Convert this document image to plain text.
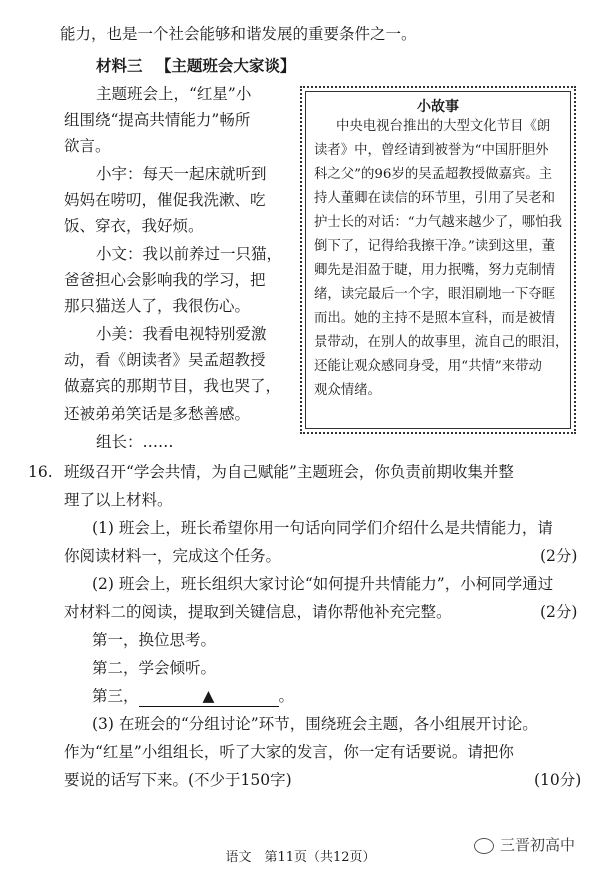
能力，也是一个社会能够和谐发展的重要条件之一。
材料三 【主题班会大家谈】
主题班会上，“红星”小
组围绕“提高共情能力”畅所
欲言。
小宇：每天一起床就听到
妈妈在唠叨，催促我洗漱、吃
饭、穿衣，我好烦。
小文：我以前养过一只猫，
爸爸担心会影响我的学习，把
那只猫送人了，我很伤心。
小美：我看电视特别爱激
动，看《朗读者》吴孟超教授
做嘉宾的那期节目，我也哭了，
还被弟弟笑话是多愁善感。
组长：……
小故事
中央电视台推出的大型文化节目《朗
读者》中，曾经请到被誉为“中国肝胆外
科之父”的96岁的吴孟超教授做嘉宾。主
持人董卿在读信的环节里，引用了吴老和
护士长的对话：“力气越来越少了，哪怕我
倒下了，记得给我擦干净。”读到这里，董
卿先是泪盈于睫，用力抿嘴，努力克制情
绪，读完最后一个字，眼泪刷地一下夺眶
而出。她的主持不是照本宣科，而是被情
景带动，在别人的故事里，流自己的眼泪，
还能让观众感同身受，用“共情”来带动
观众情绪。
16. 班级召开“学会共情，为自己赋能”主题班会，你负责前期收集并整
理了以上材料。
(1) 班会上，班长希望你用一句话向同学们介绍什么是共情能力，请
你阅读材料一，完成这个任务。	(2分)
(2) 班会上，班长组织大家讨论“如何提升共情能力”，小柯同学通过
对材料二的阅读，提取到关键信息，请你帮他补充完整。	(2分)
第一，换位思考。
第二，学会倾听。
第三，	▲	。
(3) 在班会的“分组讨论”环节，围绕班会主题，各小组展开讨论。
作为“红星”小组组长，听了大家的发言，你一定有话要说。请把你
要说的话写下来。(不少于150字)	(10分)
语文　第11页（共12页）
三晋初高中
